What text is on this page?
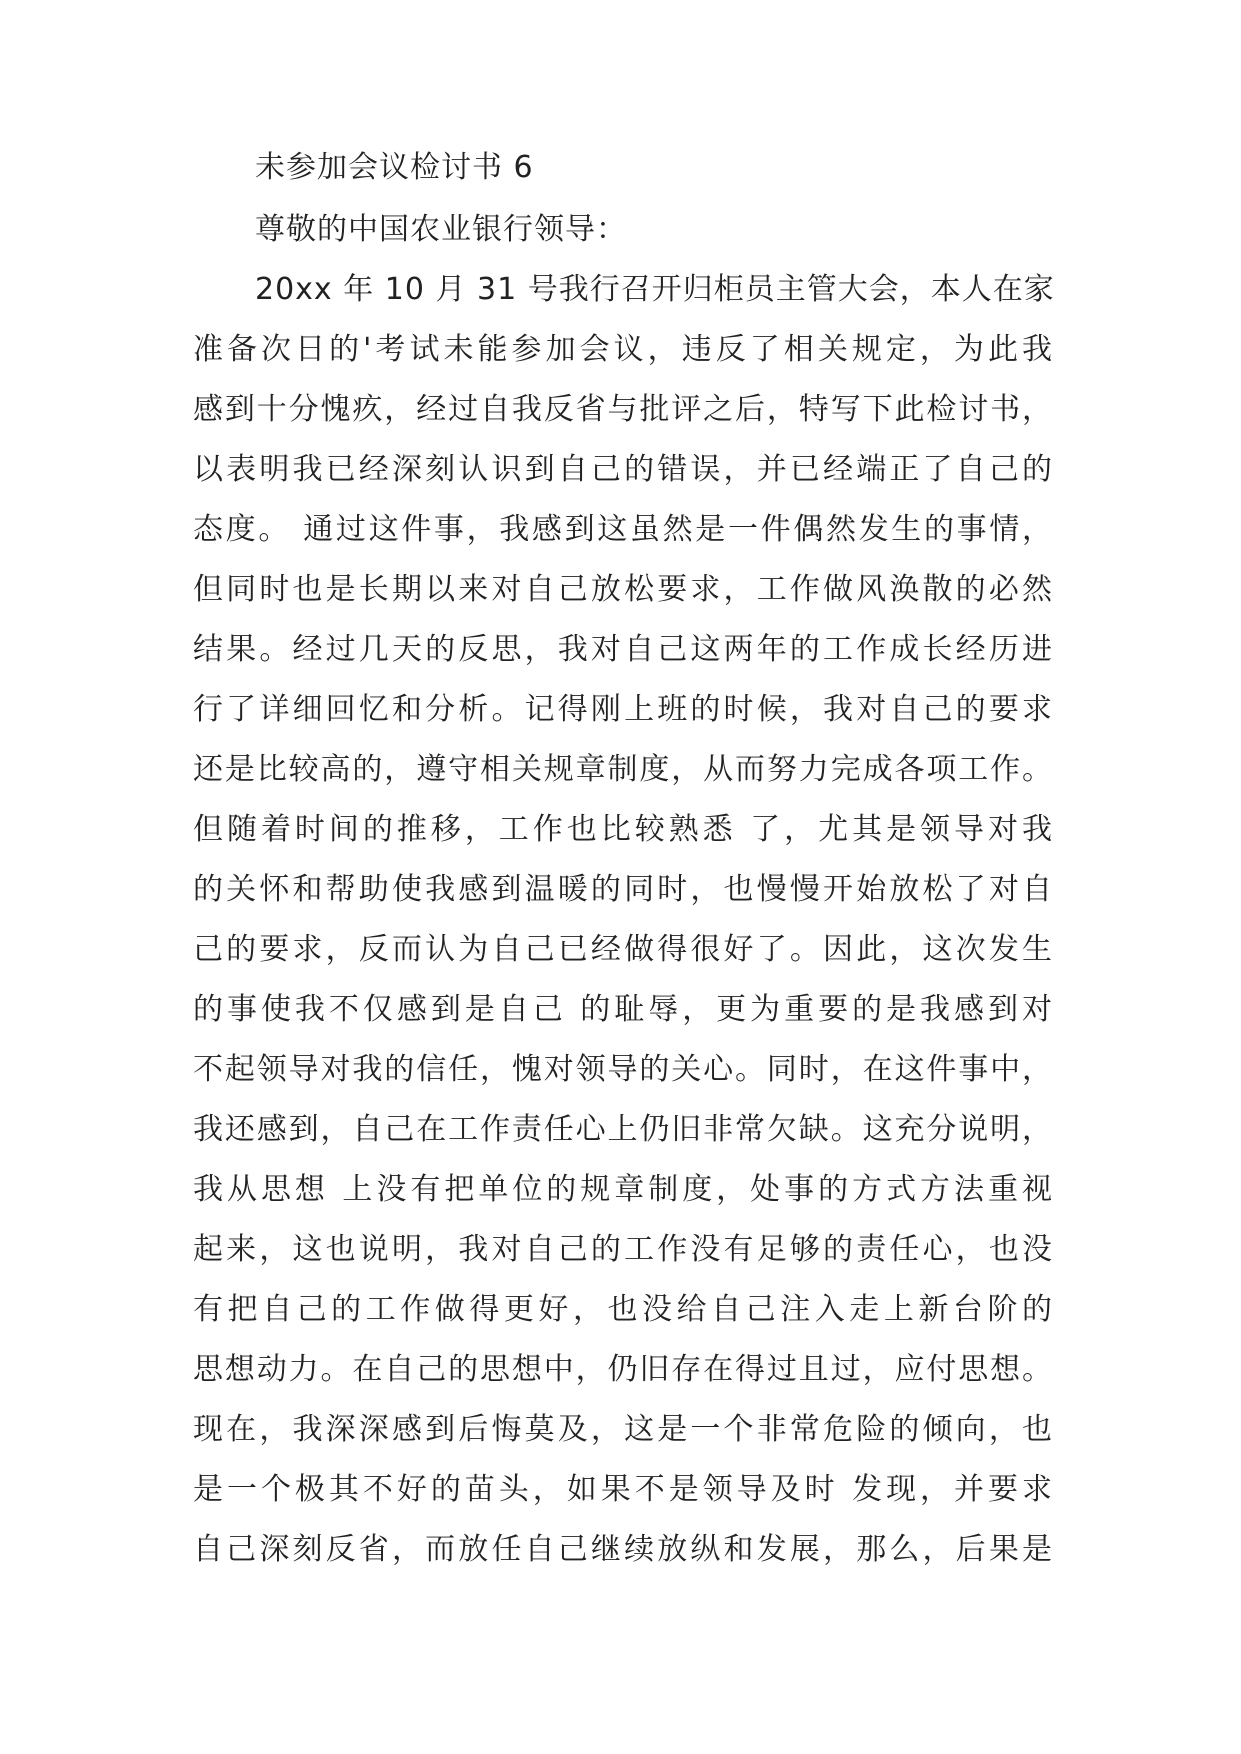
未参加会议检讨书 6
尊敬的中国农业银行领导：
20xx 年 10 月 31 号我行召开归柜员主管大会，本人在家
准备次日的'考试未能参加会议，违反了相关规定，为此我
感到十分愧疚，经过自我反省与批评之后，特写下此检讨书，
以表明我已经深刻认识到自己的错误，并已经端正了自己的
态度。 通过这件事，我感到这虽然是一件偶然发生的事情，
但同时也是长期以来对自己放松要求，工作做风涣散的必然
结果。经过几天的反思，我对自己这两年的工作成长经历进
行了详细回忆和分析。记得刚上班的时候，我对自己的要求
还是比较高的，遵守相关规章制度，从而努力完成各项工作。
但随着时间的推移，工作也比较熟悉 了，尤其是领导对我
的关怀和帮助使我感到温暖的同时，也慢慢开始放松了对自
己的要求，反而认为自己已经做得很好了。因此，这次发生
的事使我不仅感到是自己 的耻辱，更为重要的是我感到对
不起领导对我的信任，愧对领导的关心。同时，在这件事中，
我还感到，自己在工作责任心上仍旧非常欠缺。这充分说明，
我从思想 上没有把单位的规章制度，处事的方式方法重视
起来，这也说明，我对自己的工作没有足够的责任心，也没
有把自己的工作做得更好，也没给自己注入走上新台阶的
思想动力。在自己的思想中，仍旧存在得过且过，应付思想。
现在，我深深感到后悔莫及，这是一个非常危险的倾向，也
是一个极其不好的苗头，如果不是领导及时 发现，并要求
自己深刻反省，而放任自己继续放纵和发展，那么，后果是
